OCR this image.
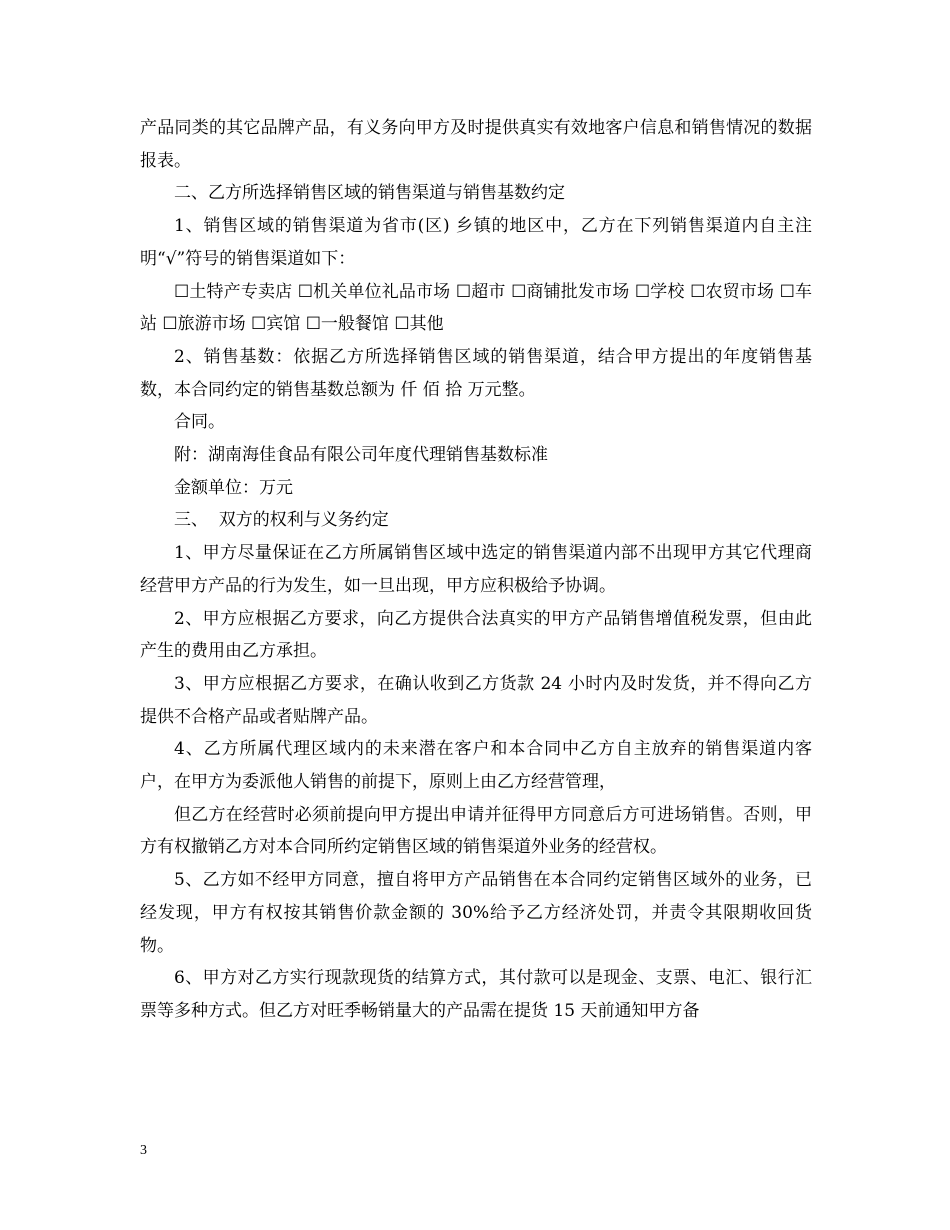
产品同类的其它品牌产品，有义务向甲方及时提供真实有效地客户信息和销售情况的数据报表。

二、乙方所选择销售区域的销售渠道与销售基数约定

1、销售区域的销售渠道为省市(区) 乡镇的地区中，乙方在下列销售渠道内自主注明“√”符号的销售渠道如下：

☐土特产专卖店 ☐机关单位礼品市场 ☐超市 ☐商铺批发市场 ☐学校 ☐农贸市场 ☐车站 ☐旅游市场 ☐宾馆 ☐一般餐馆 ☐其他

2、销售基数：依据乙方所选择销售区域的销售渠道，结合甲方提出的年度销售基数，本合同约定的销售基数总额为 仟 佰 拾 万元整。

合同。

附：湖南海佳食品有限公司年度代理销售基数标准

金额单位：万元

三、  双方的权利与义务约定

1、甲方尽量保证在乙方所属销售区域中选定的销售渠道内部不出现甲方其它代理商经营甲方产品的行为发生，如一旦出现，甲方应积极给予协调。

2、甲方应根据乙方要求，向乙方提供合法真实的甲方产品销售增值税发票，但由此产生的费用由乙方承担。

3、甲方应根据乙方要求，在确认收到乙方货款 24 小时内及时发货，并不得向乙方提供不合格产品或者贴牌产品。

4、乙方所属代理区域内的未来潜在客户和本合同中乙方自主放弃的销售渠道内客户，在甲方为委派他人销售的前提下，原则上由乙方经营管理，

但乙方在经营时必须前提向甲方提出申请并征得甲方同意后方可进场销售。否则，甲方有权撤销乙方对本合同所约定销售区域的销售渠道外业务的经营权。

5、乙方如不经甲方同意，擅自将甲方产品销售在本合同约定销售区域外的业务，已经发现，甲方有权按其销售价款金额的 30%给予乙方经济处罚，并责令其限期收回货物。

6、甲方对乙方实行现款现货的结算方式，其付款可以是现金、支票、电汇、银行汇票等多种方式。但乙方对旺季畅销量大的产品需在提货 15 天前通知甲方备

3
